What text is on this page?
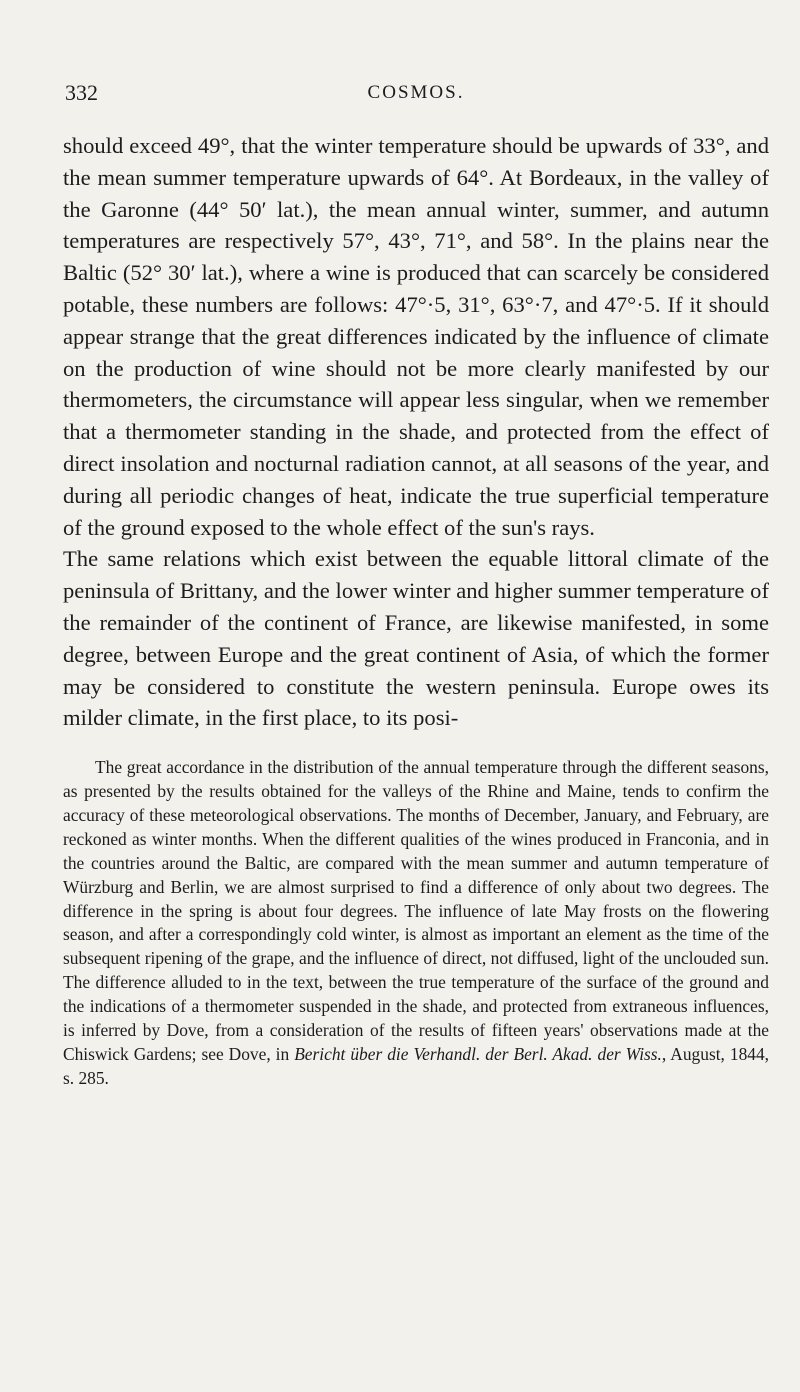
332	COSMOS.

should exceed 49°, that the winter temperature should be upwards of 33°, and the mean summer temperature upwards of 64°. At Bordeaux, in the valley of the Garonne (44° 50′ lat.), the mean annual winter, summer, and autumn temperatures are respectively 57°, 43°, 71°, and 58°. In the plains near the Baltic (52° 30′ lat.), where a wine is produced that can scarcely be considered potable, these numbers are follows: 47°·5, 31°, 63°·7, and 47°·5. If it should appear strange that the great differences indicated by the influence of climate on the production of wine should not be more clearly manifested by our thermometers, the circumstance will appear less singular, when we remember that a thermometer standing in the shade, and protected from the effect of direct insolation and nocturnal radiation cannot, at all seasons of the year, and during all periodic changes of heat, indicate the true superficial temperature of the ground exposed to the whole effect of the sun's rays.

The same relations which exist between the equable littoral climate of the peninsula of Brittany, and the lower winter and higher summer temperature of the remainder of the continent of France, are likewise manifested, in some degree, between Europe and the great continent of Asia, of which the former may be considered to constitute the western peninsula. Europe owes its milder climate, in the first place, to its posi-

The great accordance in the distribution of the annual temperature through the different seasons, as presented by the results obtained for the valleys of the Rhine and Maine, tends to confirm the accuracy of these meteorological observations. The months of December, January, and February, are reckoned as winter months. When the different qualities of the wines produced in Franconia, and in the countries around the Baltic, are compared with the mean summer and autumn temperature of Würzburg and Berlin, we are almost surprised to find a difference of only about two degrees. The difference in the spring is about four degrees. The influence of late May frosts on the flowering season, and after a correspondingly cold winter, is almost as important an element as the time of the subsequent ripening of the grape, and the influence of direct, not diffused, light of the unclouded sun. The difference alluded to in the text, between the true temperature of the surface of the ground and the indications of a thermometer suspended in the shade, and protected from extraneous influences, is inferred by Dove, from a consideration of the results of fifteen years' observations made at the Chiswick Gardens; see Dove, in Bericht über die Verhandl. der Berl. Akad. der Wiss., August, 1844, s. 285.
